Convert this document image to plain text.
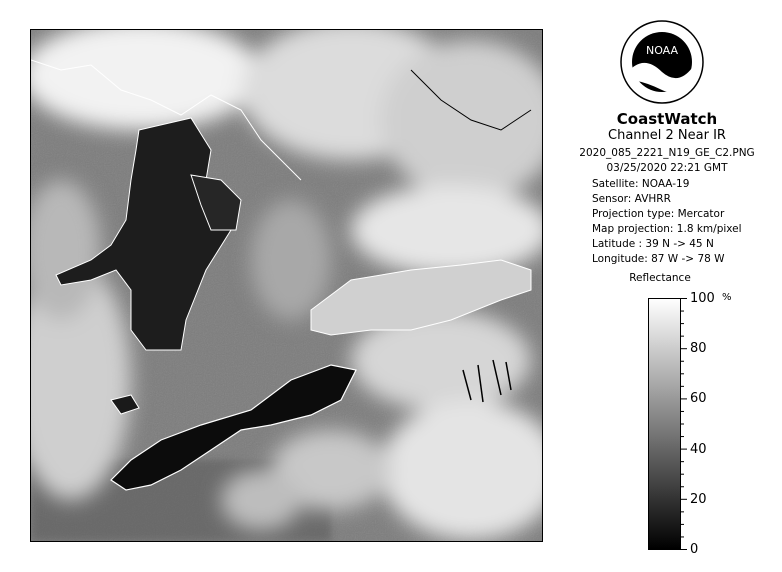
NOAA
CoastWatch
Channel 2 Near IR
2020_085_2221_N19_GE_C2.PNG
03/25/2020 22:21 GMT
Satellite: NOAA-19
Sensor: AVHRR
Projection type: Mercator
Map projection: 1.8 km/pixel
Latitude : 39 N -> 45 N
Longitude: 87 W -> 78 W
Reflectance
%
100
80
60
40
20
0
